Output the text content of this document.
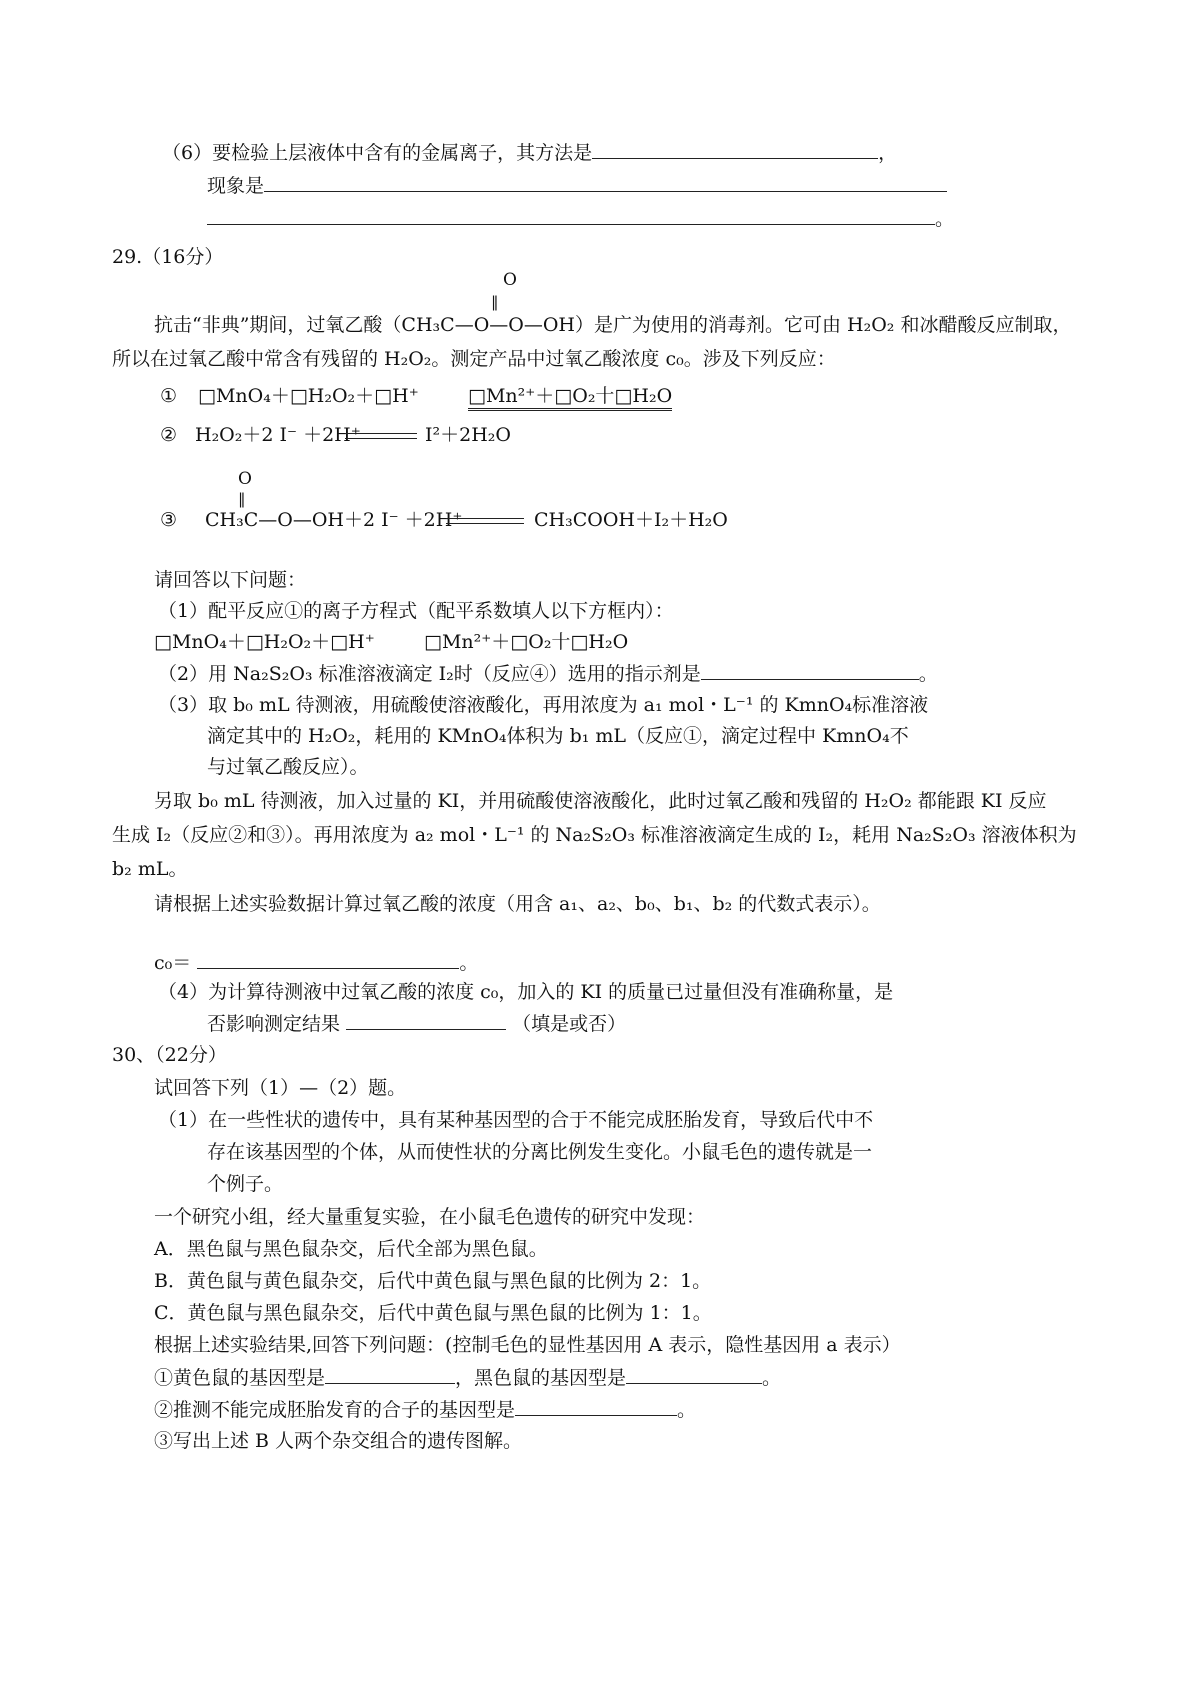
（6）要检验上层液体中含有的金属离子，其方法是	，
现象是
。
29.（16分）
O
‖
抗击“非典”期间，过氧乙酸（CH₃C—O—O—OH）是广为使用的消毒剂。它可由 H₂O₂ 和冰醋酸反应制取，
所以在过氧乙酸中常含有残留的 H₂O₂。测定产品中过氧乙酸浓度 c₀。涉及下列反应：
① □MnO₄＋□H₂O₂＋□H⁺	□Mn²⁺＋□O₂十□H₂O
② H₂O₂＋2 I⁻ ＋2H⁺	I²＋2H₂O
O
‖
③ CH₃C—O—OH＋2 I⁻ ＋2H⁺	CH₃COOH＋I₂＋H₂O
请回答以下问题：
（1）配平反应①的离子方程式（配平系数填人以下方框内）：
□MnO₄＋□H₂O₂＋□H⁺	□Mn²⁺＋□O₂十□H₂O
（2）用 Na₂S₂O₃ 标准溶液滴定 I₂时（反应④）选用的指示剂是	。
（3）取 b₀ mL 待测液，用硫酸使溶液酸化，再用浓度为 a₁ mol・L⁻¹ 的 KmnO₄标准溶液
滴定其中的 H₂O₂，耗用的 KMnO₄体积为 b₁ mL（反应①，滴定过程中 KmnO₄不
与过氧乙酸反应）。
另取 b₀ mL 待测液，加入过量的 KI，并用硫酸使溶液酸化，此时过氧乙酸和残留的 H₂O₂ 都能跟 KI 反应
生成 I₂（反应②和③）。再用浓度为 a₂ mol・L⁻¹ 的 Na₂S₂O₃ 标准溶液滴定生成的 I₂，耗用 Na₂S₂O₃ 溶液体积为
b₂ mL。
请根据上述实验数据计算过氧乙酸的浓度（用含 a₁、a₂、b₀、b₁、b₂ 的代数式表示）。
c₀＝	。
（4）为计算待测液中过氧乙酸的浓度 c₀，加入的 KI 的质量已过量但没有准确称量，是
否影响测定结果	（填是或否）
30、（22分）
试回答下列（1）—（2）题。
（1）在一些性状的遗传中，具有某种基因型的合于不能完成胚胎发育，导致后代中不
存在该基因型的个体，从而使性状的分离比例发生变化。小鼠毛色的遗传就是一
个例子。
一个研究小组，经大量重复实验，在小鼠毛色遗传的研究中发现：
A．黑色鼠与黑色鼠杂交，后代全部为黑色鼠。
B．黄色鼠与黄色鼠杂交，后代中黄色鼠与黑色鼠的比例为 2：1。
C．黄色鼠与黑色鼠杂交，后代中黄色鼠与黑色鼠的比例为 1：1。
根据上述实验结果,回答下列问题：(控制毛色的显性基因用 A 表示，隐性基因用 a 表示）
①黄色鼠的基因型是	，黑色鼠的基因型是	。
②推测不能完成胚胎发育的合子的基因型是	。
③写出上述 B 人两个杂交组合的遗传图解。
